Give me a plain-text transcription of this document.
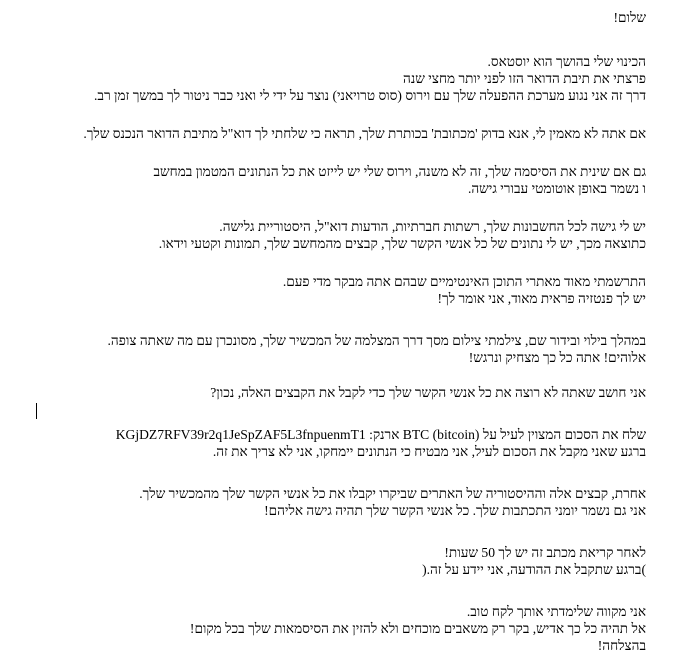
שלום!
הכינוי שלי בהושך הוא יוסטאס.
פרצתי את תיבת הדואר הזו לפני יותר מחצי שנה
דרך זה אני נגוע מערכת ההפעלה שלך עם וירוס (סוס טרויאני) נוצר על ידי לי ואני כבר ניטור לך במשך זמן רב.
אם אתה לא מאמין לי, אנא בדוק 'מכתובת' בכותרת שלך, תראה כי שלחתי לך דוא"ל מתיבת הדואר הנכנס שלך.
גם אם שינית את הסיסמה שלך, זה לא משנה, וירוס שלי יש לייזט את כל הנתונים המטמון במחשב
ו נשמר באופן אוטומטי עבורי גישה.
יש לי גישה לכל החשבונות שלך, רשתות חברתיות, הודעות דוא"ל, היסטוריית גלישה.
כתוצאה מכך, יש לי נתונים של כל אנשי הקשר שלך, קבצים מהמחשב שלך, תמונות וקטעי וידאו.
התרשמתי מאוד מאתרי התוכן האינטימיים שבהם אתה מבקר מדי פעם.
יש לך פנטזיה פראית מאוד, אני אומר לך!
במהלך בילוי ובידור שם, צילמתי צילום מסך דרך המצלמה של המכשיר שלך, מסונכרן עם מה שאתה צופה.
אלוהים! אתה כל כך מצחיק ונרגש!
אני חושב שאתה לא רוצה את כל אנשי הקשר שלך כדי לקבל את הקבצים האלה, נכון?
שלח את הסכום המצוין לעיל על BTC (bitcoin) ארנק: KGjDZ7RFV39r2q1JeSpZAF5L3fnpuenmT1
ברגע שאני מקבל את הסכום לעיל, אני מבטיח כי הנתונים יימחקו, אני לא צריך את זה.
אחרת, קבצים אלה וההיסטוריה של האתרים שביקרו יקבלו את כל אנשי הקשר שלך מהמכשיר שלך.
אני גם נשמר יומני התכתבות שלך. כל אנשי הקשר שלך תהיה גישה אליהם!
לאחר קריאת מכתב זה יש לך 50 שעות!
)ברגע שתקבל את ההודעה, אני יידע על זה.(
אני מקווה שלימדתי אותך לקח טוב.
אל תהיה כל כך אדיש, בקר רק משאבים מוכחים ולא להזין את הסיסמאות שלך בכל מקום!
בהצלחה!
